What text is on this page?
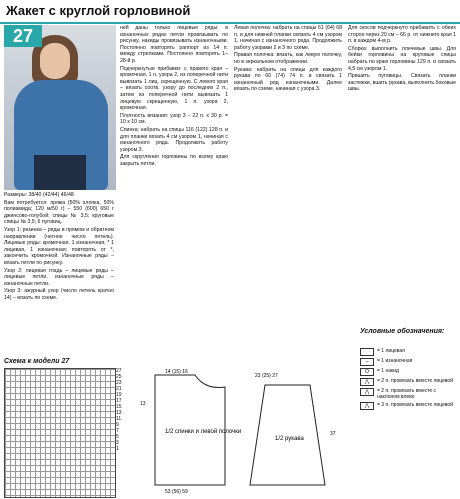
Жакет с круглой горловиной
27

Размеры: 38/40 (42/44) 46/48

Вам потребуется: пряжа (50% хлопка, 50% полиамида; 120 м/50 г) – 550 (600) 650 г джинсово-голубой; спицы № 3,5; круговые спицы № 3,5; 6 пуговиц.

Узор 1: резинка – ряды в прямом и обратном направлении (четное число петель). Лицевые ряды: кромочная, 1 изнаночная, * 1 лицевая, 1 изнаночная; повторять от *, закончить кромочной. Изнаночные ряды – вязать петли по рисунку.

Узор 2: лицевая гладь – лицевые ряды – лицевые петли, изнаночные ряды – изнаночные петли.

Узор 3: ажурный узор (число петель кратно 14) – вязать по схеме.

ней даны только лицевые ряды; в изнаночных рядах петли провязывать по рисунку, накиды провязывать изнаночными. Постоянно повторять раппорт из 14 п. между стрелками. Постоянно повторять 1–28-й р.

Подчеркнутые прибавки: с правого края – кромочная, 1 п. узора 2, из поперечной нити вывязать 1 лиц. скрещенную. С левого края – вязать соотв. узору до последних 2 п., затем из поперечной нити вывязать 1 лицевую скрещенную, 1 п. узора 2, кромочная.

Плотность вязания: узор 3 – 22 п. x 30 р. = 10 x 10 см.

Спинка: набрать на спицы 116 (122) 128 п. и для планки вязать 4 см узором 1, начиная с изнаночного ряда. Продолжить работу узором 3.

Для скругления горловины по всему краю закрыть петли.

Левая полочка: набрать на спицы 61 (64) 68 п. и для нижней планки связать 4 см узором 1, начиная с изнаночного ряда. Продолжить работу узорами 2 и 3 по схеме.

Правая полочка: вязать, как левую полочку, но в зеркальном отображении.

Рукава: набрать на спицы для каждого рукава по 60 (74) 74 п. и связать 1 изнаночный ряд изнаночными. Далее вязать по схеме, начиная с узора 3.

Для скосов подчеркнуто прибавить с обеих сторон через 20 см – 66 р. от нижнего края 1 п. в каждом 4-м р.

Сборка: выполнить плечевые швы. Для бейки горловины на круговые спицы набрать по краю горловины 129 п. и связать 4,5 см узором 1.

Пришить пуговицы. Связать планки застежки, вшить рукава, выполнить боковые швы.

Схема к модели 27
27
25
23
21
19
17
15
13
11
9
7
5
3
1
1/2 спинки и левой полочки
1/2 рукава
23 (25) 27
13
14 (15) 16
37
53 (56) 59
Условные обозначения:
= 1 лицевая
–	= 1 изнаночная
О	= 1 накид
⋀	= 2 п. провязать вместе лицевой
⋀	= 2 п. провязать вместе с наклоном влево
⋀	= 3 п. провязать вместе лицевой
